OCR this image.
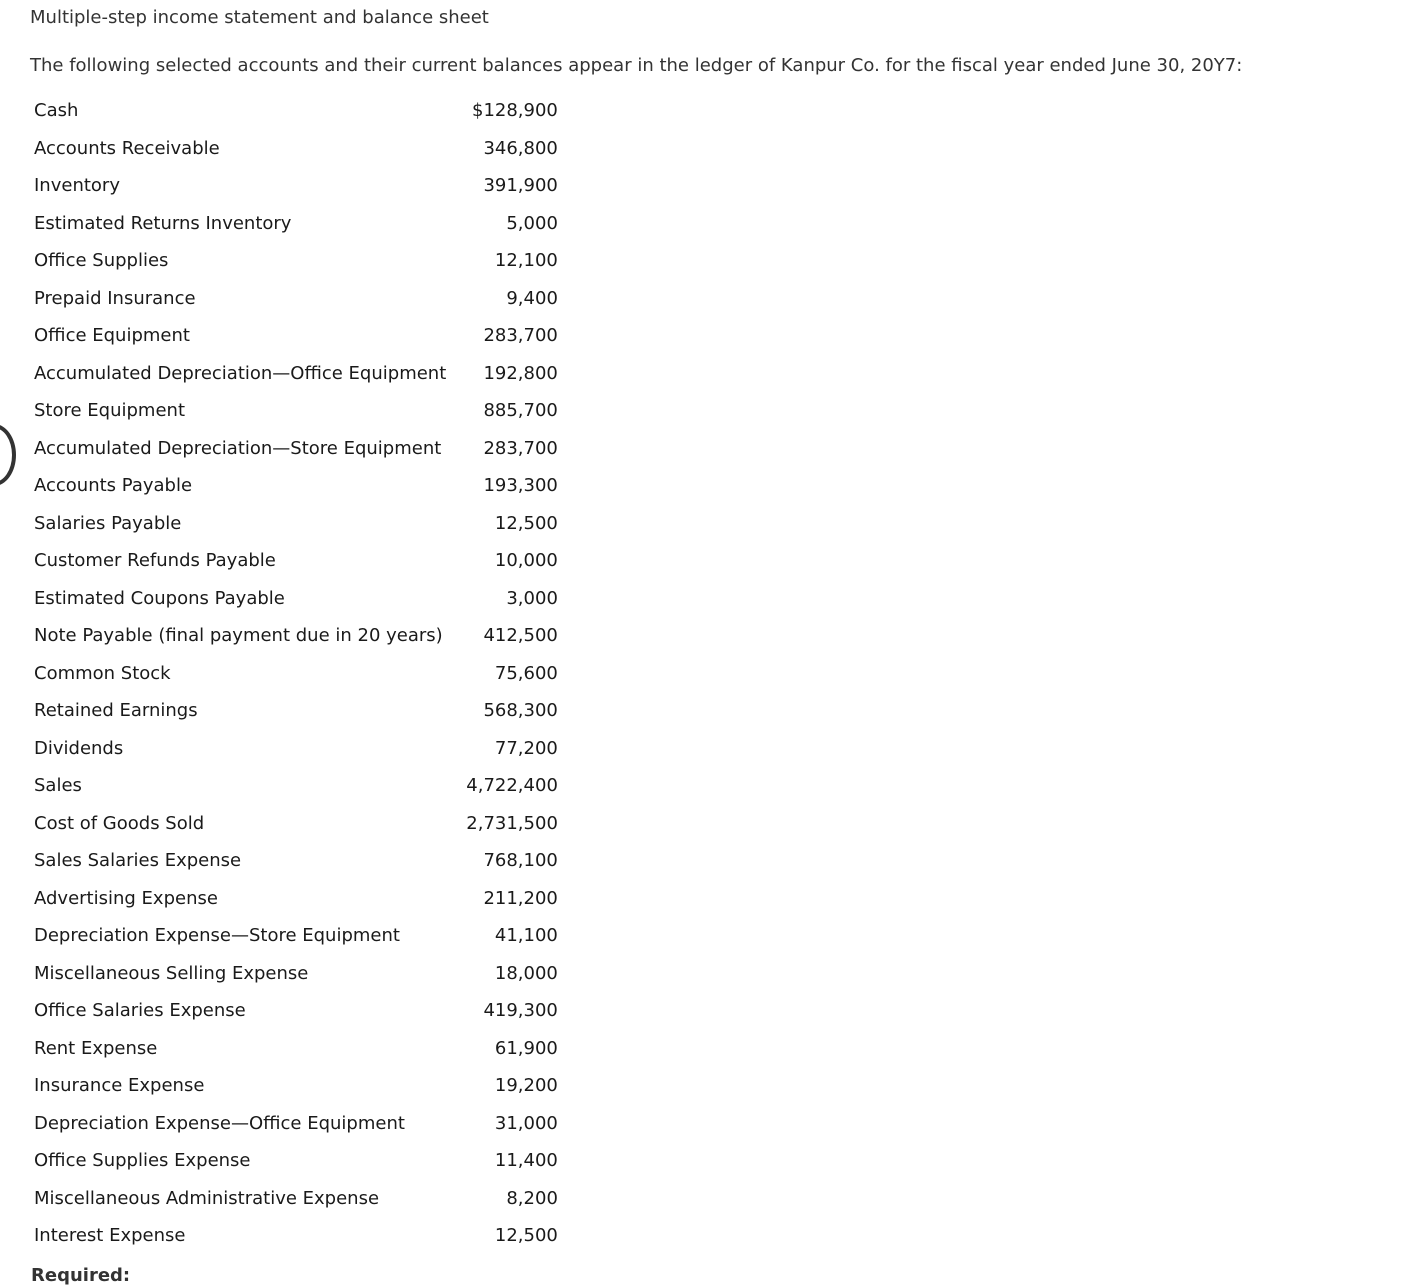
Multiple-step income statement and balance sheet
The following selected accounts and their current balances appear in the ledger of Kanpur Co. for the fiscal year ended June 30, 20Y7:
Cash	$128,900
Accounts Receivable	346,800
Inventory	391,900
Estimated Returns Inventory	5,000
Office Supplies	12,100
Prepaid Insurance	9,400
Office Equipment	283,700
Accumulated Depreciation—Office Equipment	192,800
Store Equipment	885,700
Accumulated Depreciation—Store Equipment	283,700
Accounts Payable	193,300
Salaries Payable	12,500
Customer Refunds Payable	10,000
Estimated Coupons Payable	3,000
Note Payable (final payment due in 20 years)	412,500
Common Stock	75,600
Retained Earnings	568,300
Dividends	77,200
Sales	4,722,400
Cost of Goods Sold	2,731,500
Sales Salaries Expense	768,100
Advertising Expense	211,200
Depreciation Expense—Store Equipment	41,100
Miscellaneous Selling Expense	18,000
Office Salaries Expense	419,300
Rent Expense	61,900
Insurance Expense	19,200
Depreciation Expense—Office Equipment	31,000
Office Supplies Expense	11,400
Miscellaneous Administrative Expense	8,200
Interest Expense	12,500
Required:
